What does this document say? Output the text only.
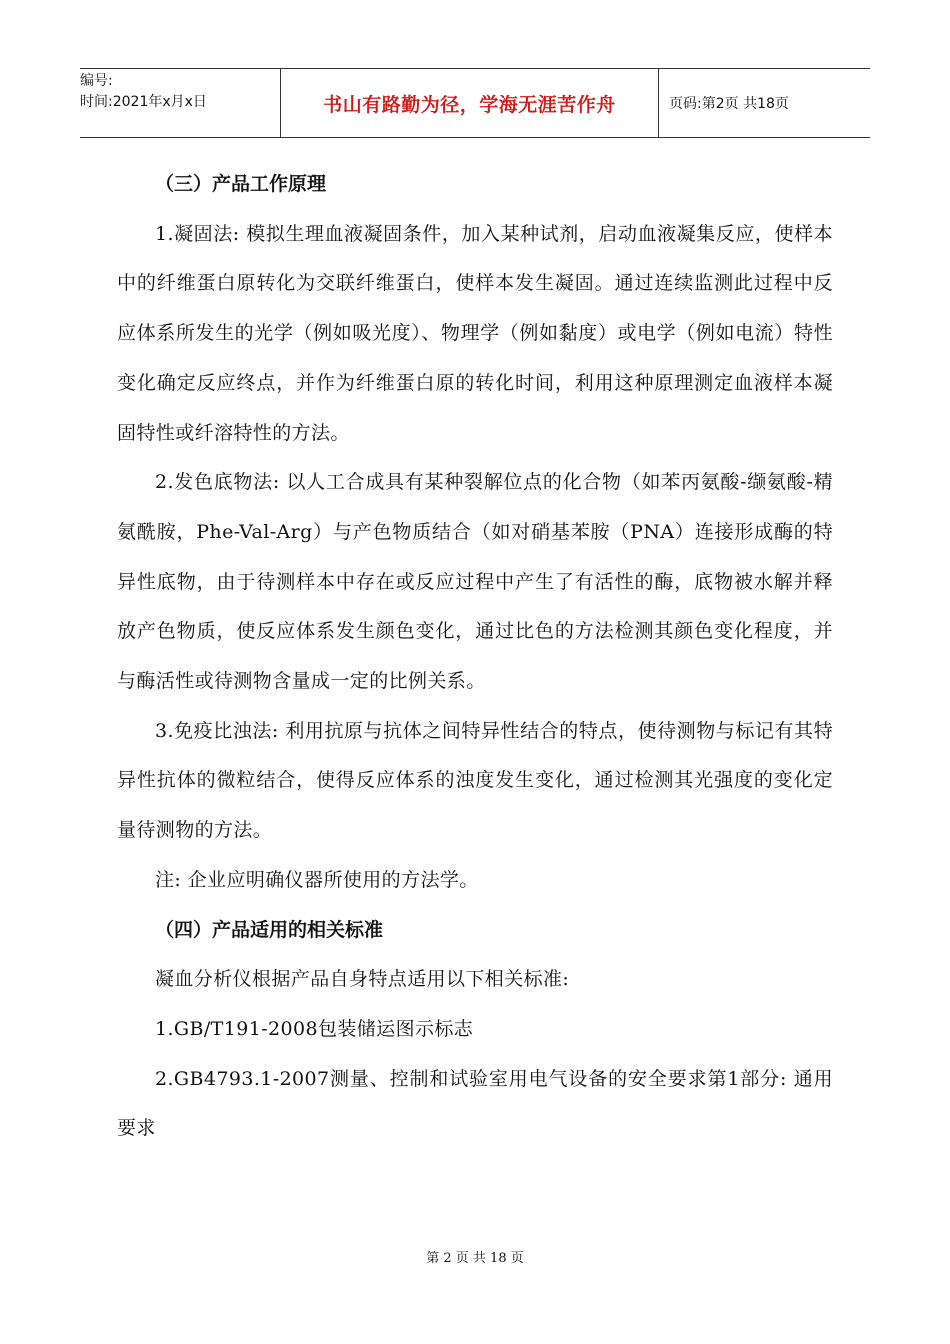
编号:
时间:2021年x月x日	书山有路勤为径，学海无涯苦作舟	页码:第2页 共18页

（三）产品工作原理

1.凝固法: 模拟生理血液凝固条件，加入某种试剂，启动血液凝集反应，使样本中的纤维蛋白原转化为交联纤维蛋白，使样本发生凝固。通过连续监测此过程中反应体系所发生的光学（例如吸光度）、物理学（例如黏度）或电学（例如电流）特性变化确定反应终点，并作为纤维蛋白原的转化时间，利用这种原理测定血液样本凝固特性或纤溶特性的方法。

2.发色底物法: 以人工合成具有某种裂解位点的化合物（如苯丙氨酸-缬氨酸-精氨酰胺，Phe-Val-Arg）与产色物质结合（如对硝基苯胺（PNA）连接形成酶的特异性底物，由于待测样本中存在或反应过程中产生了有活性的酶，底物被水解并释放产色物质，使反应体系发生颜色变化，通过比色的方法检测其颜色变化程度，并与酶活性或待测物含量成一定的比例关系。

3.免疫比浊法: 利用抗原与抗体之间特异性结合的特点，使待测物与标记有其特异性抗体的微粒结合，使得反应体系的浊度发生变化，通过检测其光强度的变化定量待测物的方法。

注: 企业应明确仪器所使用的方法学。

（四）产品适用的相关标准

凝血分析仪根据产品自身特点适用以下相关标准:

1.GB/T191-2008包装储运图示标志

2.GB4793.1-2007测量、控制和试验室用电气设备的安全要求第1部分: 通用要求

第 2 页 共 18 页
